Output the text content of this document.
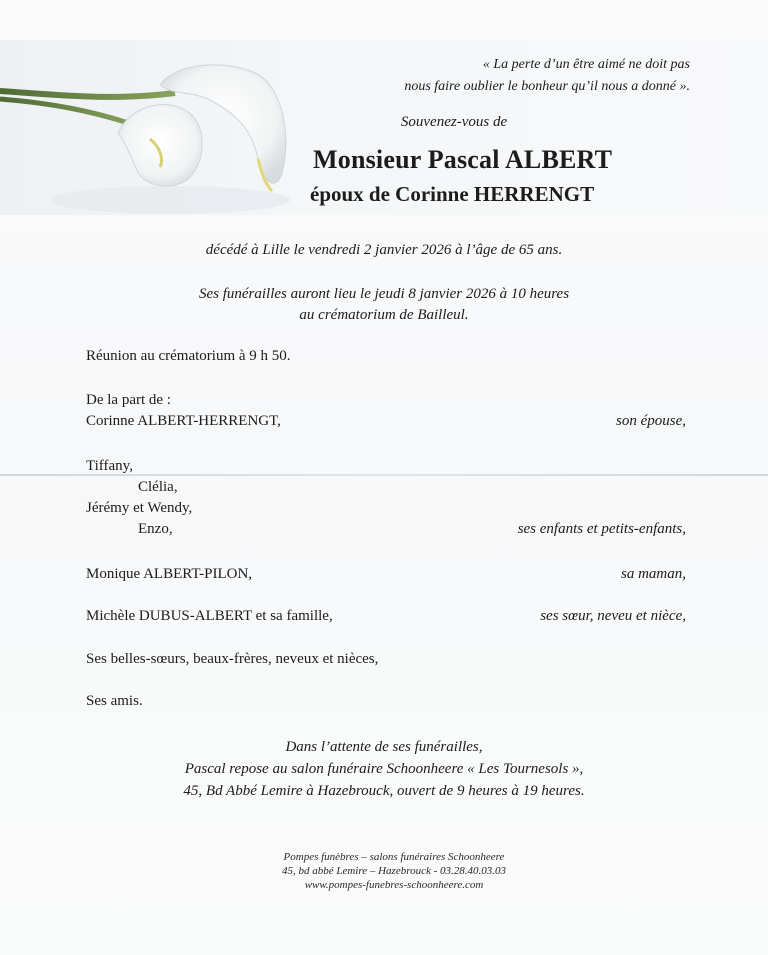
« La perte d’un être aimé ne doit pas
nous faire oublier le bonheur qu’il nous a donné ».
Souvenez-vous de
Monsieur Pascal ALBERT
époux de Corinne HERRENGT
décédé à Lille le vendredi 2 janvier 2026 à l’âge de 65 ans.
Ses funérailles auront lieu le jeudi 8 janvier 2026 à 10 heures
au crématorium de Bailleul.
Réunion au crématorium à 9 h 50.
De la part de :
Corinne ALBERT-HERRENGT,	son épouse,
Tiffany,
Clélia,
Jérémy et Wendy,
Enzo,	ses enfants et petits-enfants,
Monique ALBERT-PILON,	sa maman,
Michèle DUBUS-ALBERT et sa famille,	ses sœur, neveu et nièce,
Ses belles-sœurs, beaux-frères, neveux et nièces,
Ses amis.
Dans l’attente de ses funérailles,
Pascal repose au salon funéraire Schoonheere « Les Tournesols »,
45, Bd Abbé Lemire à Hazebrouck, ouvert de 9 heures à 19 heures.
Pompes funèbres – salons funéraires Schoonheere
45, bd abbé Lemire – Hazebrouck - 03.28.40.03.03
www.pompes-funebres-schoonheere.com
